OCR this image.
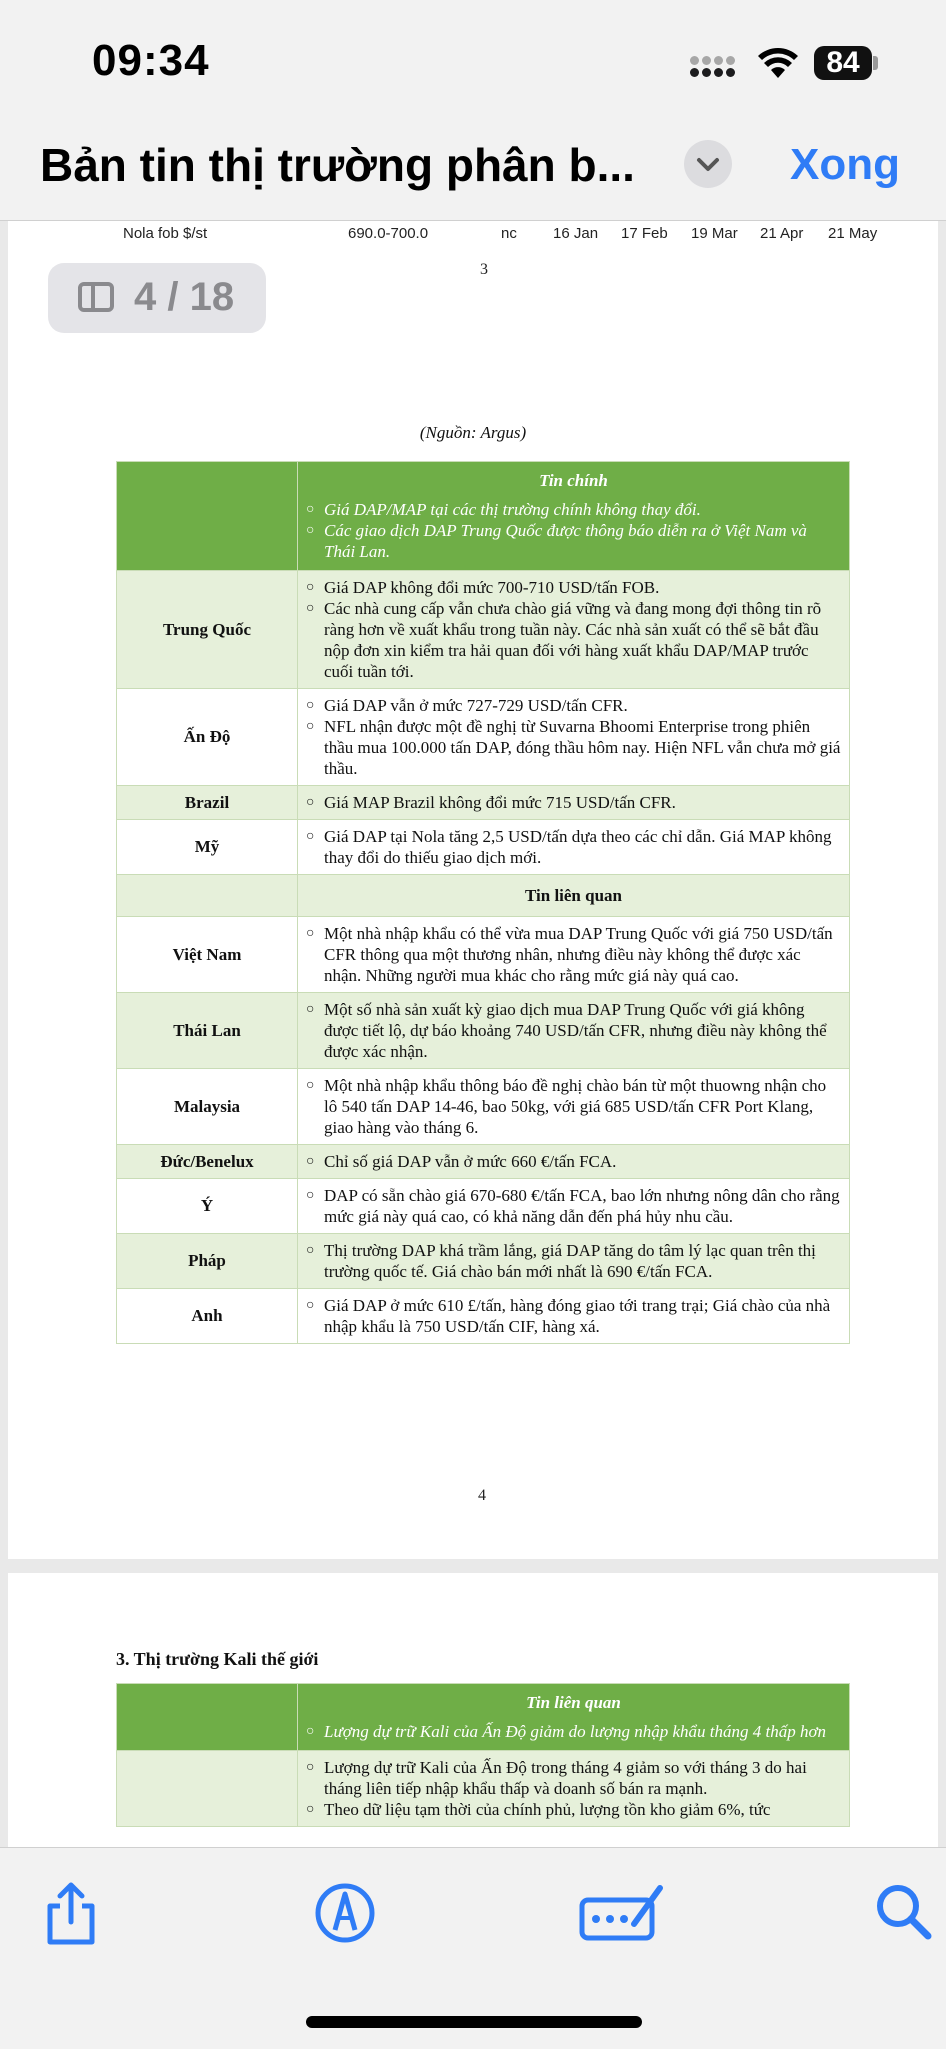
09:34	84
Bản tin thị trường phân b...	Xong
Nola fob $/st	690.0-700.0	nc 16 Jan 17 Feb 19 Mar 21 Apr 21 May
3
(Nguồn: Argus)

	Tin chính
○ Giá DAP/MAP tại các thị trường chính không thay đổi.
○ Các giao dịch DAP Trung Quốc được thông báo diễn ra ở Việt Nam và Thái Lan.

Trung Quốc	○ Giá DAP không đổi mức 700-710 USD/tấn FOB.
○ Các nhà cung cấp vẫn chưa chào giá vững và đang mong đợi thông tin rõ ràng hơn về xuất khẩu trong tuần này. Các nhà sản xuất có thể sẽ bắt đầu nộp đơn xin kiểm tra hải quan đối với hàng xuất khẩu DAP/MAP trước cuối tuần tới.

Ấn Độ	○ Giá DAP vẫn ở mức 727-729 USD/tấn CFR.
○ NFL nhận được một đề nghị từ Suvarna Bhoomi Enterprise trong phiên thầu mua 100.000 tấn DAP, đóng thầu hôm nay. Hiện NFL vẫn chưa mở giá thầu.

Brazil	○ Giá MAP Brazil không đổi mức 715 USD/tấn CFR.

Mỹ	○ Giá DAP tại Nola tăng 2,5 USD/tấn dựa theo các chỉ dẫn. Giá MAP không thay đổi do thiếu giao dịch mới.

	Tin liên quan
Việt Nam	○ Một nhà nhập khẩu có thể vừa mua DAP Trung Quốc với giá 750 USD/tấn CFR thông qua một thương nhân, nhưng điều này không thể được xác nhận. Những người mua khác cho rằng mức giá này quá cao.

Thái Lan	○ Một số nhà sản xuất kỳ giao dịch mua DAP Trung Quốc với giá không được tiết lộ, dự báo khoảng 740 USD/tấn CFR, nhưng điều này không thể được xác nhận.

Malaysia	○ Một nhà nhập khẩu thông báo đề nghị chào bán từ một thuowng nhận cho lô 540 tấn DAP 14-46, bao 50kg, với giá 685 USD/tấn CFR Port Klang, giao hàng vào tháng 6.

Đức/Benelux	○ Chỉ số giá DAP vẫn ở mức 660 €/tấn FCA.

Ý	○ DAP có sẵn chào giá 670-680 €/tấn FCA, bao lớn nhưng nông dân cho rằng mức giá này quá cao, có khả năng dẫn đến phá hủy nhu cầu.

Pháp	○ Thị trường DAP khá trầm lắng, giá DAP tăng do tâm lý lạc quan trên thị trường quốc tế. Giá chào bán mới nhất là 690 €/tấn FCA.

Anh	○ Giá DAP ở mức 610 £/tấn, hàng đóng giao tới trang trại; Giá chào của nhà nhập khẩu là 750 USD/tấn CIF, hàng xá.
4
3. Thị trường Kali thế giới

	Tin liên quan
○ Lượng dự trữ Kali của Ấn Độ giảm do lượng nhập khẩu tháng 4 thấp hơn

	○ Lượng dự trữ Kali của Ấn Độ trong tháng 4 giảm so với tháng 3 do hai tháng liên tiếp nhập khẩu thấp và doanh số bán ra mạnh.
○ Theo dữ liệu tạm thời của chính phủ, lượng tồn kho giảm 6%, tức
4 / 18
